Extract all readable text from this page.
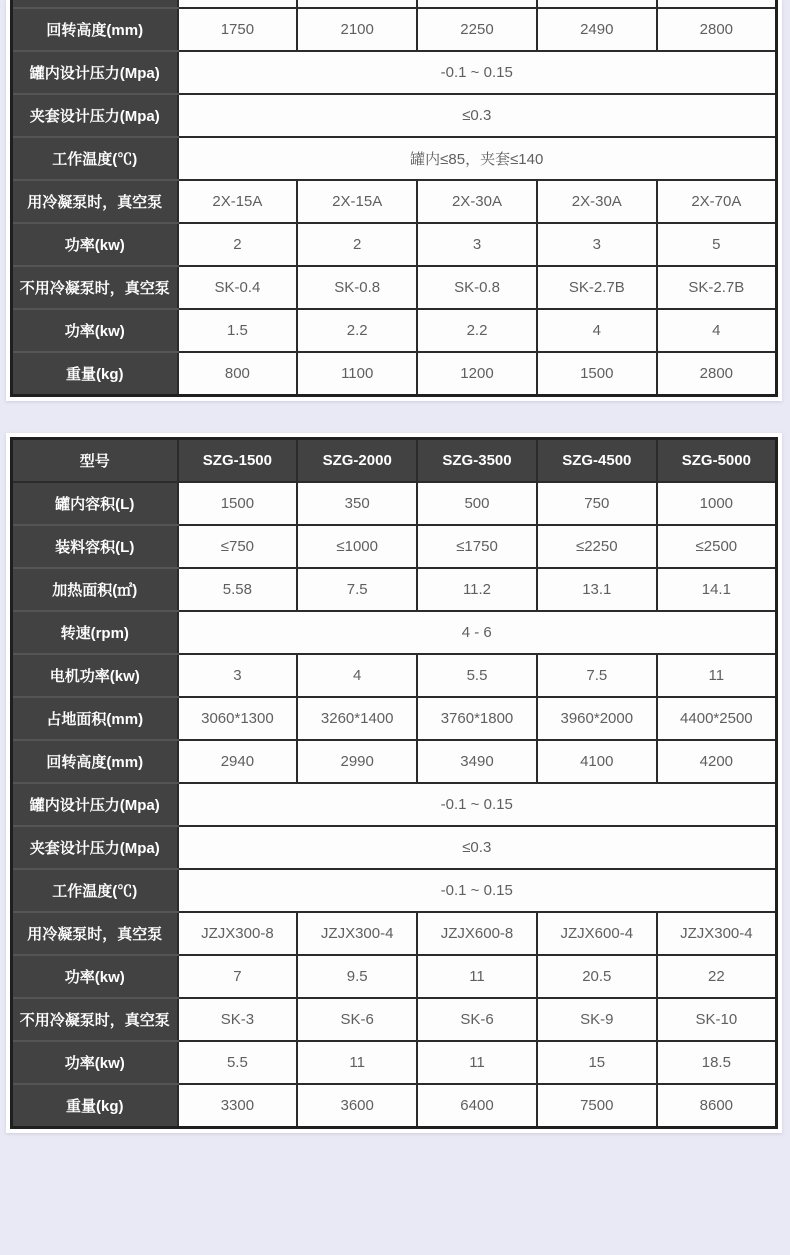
回转高度(mm)	1750	2100	2250	2490	2800
罐内设计压力(Mpa)	-0.1 ~ 0.15				
夹套设计压力(Mpa)	≤0.3				
工作温度(℃)	罐内≤85，夹套≤140				
用冷凝泵时，真空泵	2X-15A	2X-15A	2X-30A	2X-30A	2X-70A
功率(kw)	2	2	3	3	5
不用冷凝泵时，真空泵	SK-0.4	SK-0.8	SK-0.8	SK-2.7B	SK-2.7B
功率(kw)	1.5	2.2	2.2	4	4
重量(kg)	800	1100	1200	1500	2800
型号	SZG-1500	SZG-2000	SZG-3500	SZG-4500	SZG-5000
罐内容积(L)	1500	350	500	750	1000
装料容积(L)	≤750	≤1000	≤1750	≤2250	≤2500
加热面积(㎡)	5.58	7.5	11.2	13.1	14.1
转速(rpm)	4 - 6				
电机功率(kw)	3	4	5.5	7.5	11
占地面积(mm)	3060*1300	3260*1400	3760*1800	3960*2000	4400*2500
回转高度(mm)	2940	2990	3490	4100	4200
罐内设计压力(Mpa)	-0.1 ~ 0.15				
夹套设计压力(Mpa)	≤0.3				
工作温度(℃)	-0.1 ~ 0.15				
用冷凝泵时，真空泵	JZJX300-8	JZJX300-4	JZJX600-8	JZJX600-4	JZJX300-4
功率(kw)	7	9.5	11	20.5	22
不用冷凝泵时，真空泵	SK-3	SK-6	SK-6	SK-9	SK-10
功率(kw)	5.5	11	11	15	18.5
重量(kg)	3300	3600	6400	7500	8600
